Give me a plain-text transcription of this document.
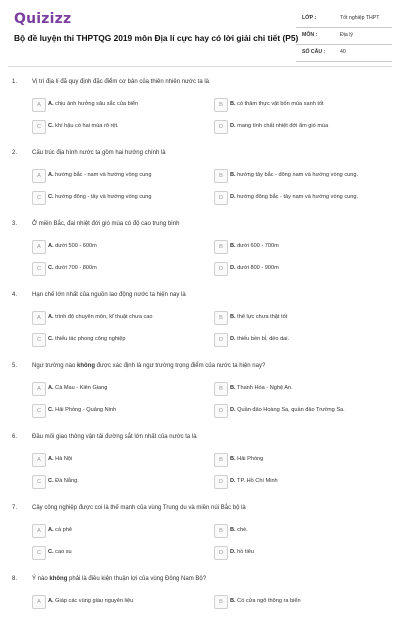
Quizizz
Bộ đề luyện thi THPTQG 2019 môn Địa lí cực hay có lời giải chi tiết (P5)
LỚP :	Tốt nghiệp THPT
MÔN :	Địa lý
SỐ CÂU :	40
1. Vị trí địa lí đã quy định đặc điểm cơ bản của thiên nhiên nước ta là
A	A. chịu ảnh hưởng sâu sắc của biển	B	B. có thảm thực vật bốn mùa xanh tốt
C	C. khí hậu có hai mùa rõ rệt.	D	D. mang tính chất nhiệt đới ẩm gió mùa
2. Cấu trúc địa hình nước ta gồm hai hướng chính là
A	A. hướng bắc - nam và hướng vòng cung	B	B. hướng tây bắc - đông nam và hướng vòng cung.
C	C. hướng đông - tây và hướng vòng cung	D	D. hướng đông bắc - tây nam và hướng vòng cung.
3. Ở miền Bắc, đai nhiệt đới gió mùa có độ cao trung bình
A	A. dưới 500 - 600m	B	B. dưới 600 - 700m
C	C. dưới 700 - 800m	D	D. dưới 800 - 900m
4. Hạn chế lớn nhất của nguồn lao động nước ta hiện nay là
A	A. trình độ chuyên môn, kĩ thuật chưa cao	B	B. thể lực chưa thật tốt
C	C. thiếu tác phong công nghiệp	D	D. thiếu bền bỉ, dẻo dai.
5. Ngư trường nào không được xác định là ngư trường trọng điểm của nước ta hiện nay?
A	A. Cà Mau - Kiên Giang	B	B. Thanh Hóa - Nghệ An.
C	C. Hải Phòng - Quảng Ninh	D	D. Quần đảo Hoàng Sa, quần đảo Trường Sa.
6. Đầu mối giao thông vận tải đường sắt lớn nhất của nước ta là
A	A. Hà Nội	B	B. Hải Phòng
C	C. Đà Nẵng.	D	D. TP. Hồ Chí Minh
7. Cây công nghiệp được coi là thế mạnh của vùng Trung du và miền núi Bắc bộ là
A	A. cà phê	B	B. chè.
C	C. cao su	D	D. hồ tiêu
8. Ý nào không phải là điều kiện thuận lợi của vùng Đông Nam Bộ?
A	A. Giáp các vùng giàu nguyên liệu	B	B. Có cửa ngõ thông ra biển
